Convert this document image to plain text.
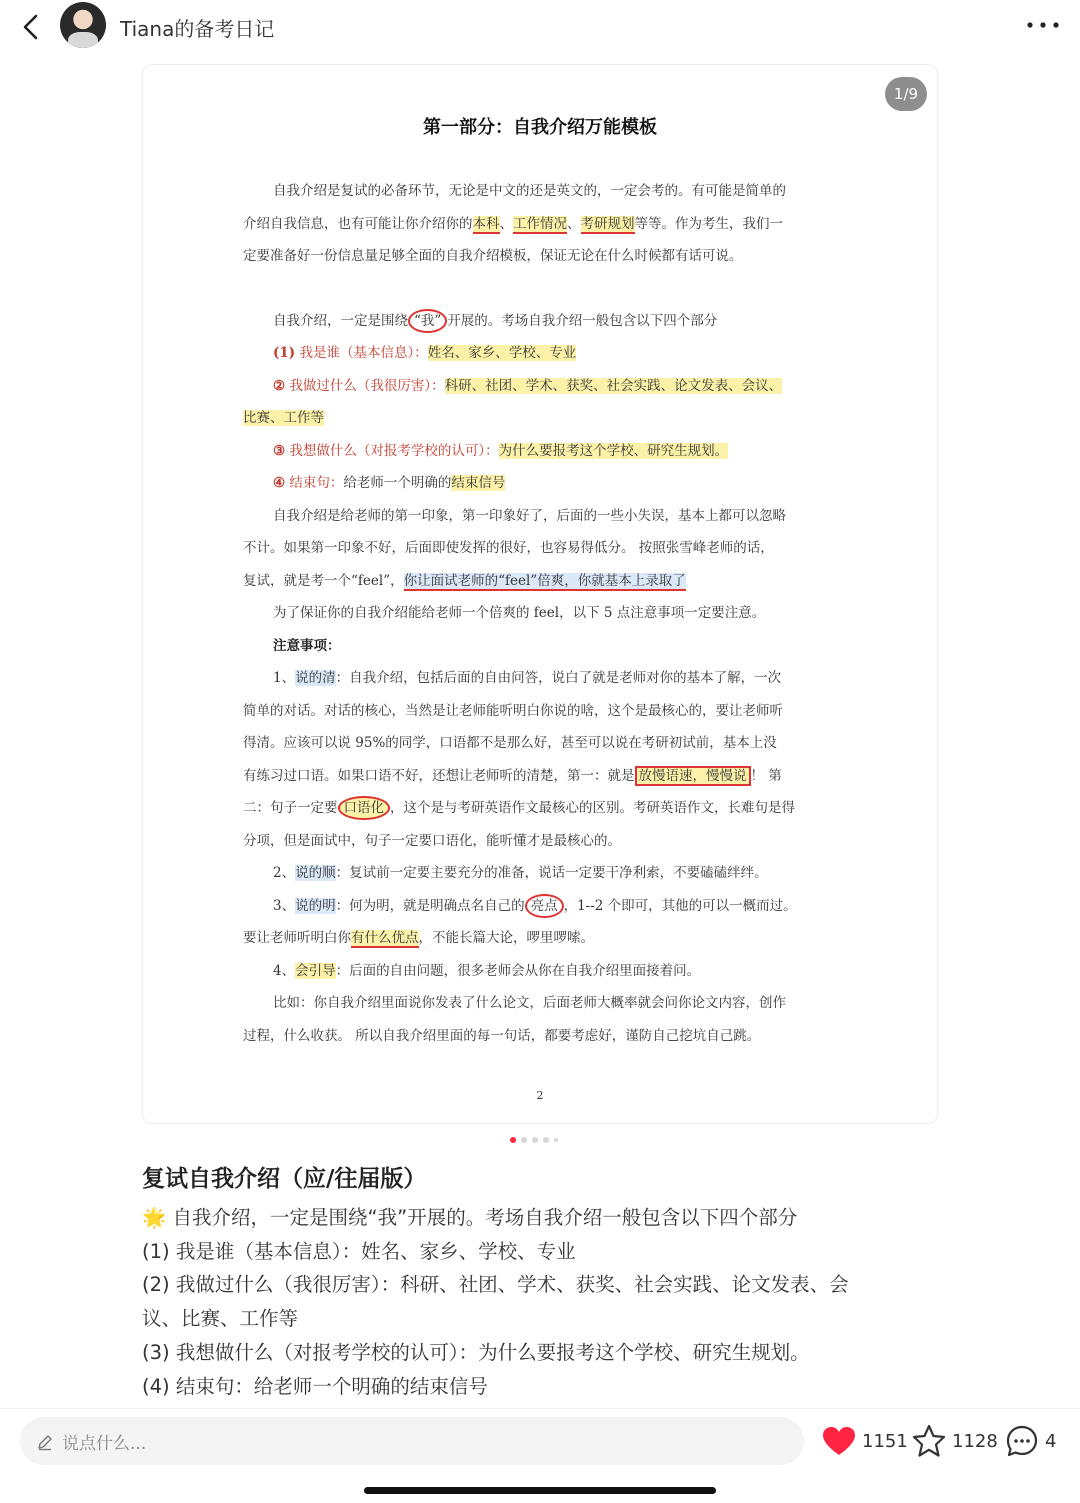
Tiana的备考日记
1/9
第一部分：自我介绍万能模板

自我介绍是复试的必备环节，无论是中文的还是英文的，一定会考的。有可能是简单的

介绍自我信息，也有可能让你介绍你的本科、工作情况、考研规划等等。作为考生，我们一

定要准备好一份信息量足够全面的自我介绍模板，保证无论在什么时候都有话可说。

自我介绍，一定是围绕 “我” 开展的。考场自我介绍一般包含以下四个部分

(1) 我是谁（基本信息）：姓名、家乡、学校、专业

② 我做过什么（我很厉害）：科研、社团、学术、获奖、社会实践、论文发表、会议、

比赛、工作等

③ 我想做什么（对报考学校的认可）：为什么要报考这个学校、研究生规划。

④ 结束句：给老师一个明确的结束信号

自我介绍是给老师的第一印象，第一印象好了，后面的一些小失误，基本上都可以忽略

不计。如果第一印象不好，后面即使发挥的很好，也容易得低分。 按照张雪峰老师的话，

复试，就是考一个“feel”，你让面试老师的“feel”倍爽，你就基本上录取了

为了保证你的自我介绍能给老师一个倍爽的 feel，以下 5 点注意事项一定要注意。

注意事项：

1、说的清：自我介绍，包括后面的自由问答，说白了就是老师对你的基本了解，一次

简单的对话。对话的核心，当然是让老师能听明白你说的啥，这个是最核心的，要让老师听

得清。应该可以说 95%的同学，口语都不是那么好，甚至可以说在考研初试前，基本上没

有练习过口语。如果口语不好，还想让老师听的清楚，第一：就是 放慢语速，慢慢说 ！ 第

二：句子一定要 口语化 ，这个是与考研英语作文最核心的区别。考研英语作文，长难句是得

分项，但是面试中，句子一定要口语化，能听懂才是最核心的。

2、说的顺：复试前一定要主要充分的准备，说话一定要干净利索，不要磕磕绊绊。

3、说的明：何为明，就是明确点名自己的 亮点 ，1--2 个即可，其他的可以一概而过。

要让老师听明白你有什么优点，不能长篇大论，啰里啰嗦。

4、会引导：后面的自由问题，很多老师会从你在自我介绍里面接着问。

比如：你自我介绍里面说你发表了什么论文，后面老师大概率就会问你论文内容，创作

过程，什么收获。 所以自我介绍里面的每一句话，都要考虑好，谨防自己挖坑自己跳。

2
复试自我介绍（应/往届版）
🌟 自我介绍，一定是围绕“我”开展的。考场自我介绍一般包含以下四个部分
(1) 我是谁（基本信息）：姓名、家乡、学校、专业
(2) 我做过什么（我很厉害）：科研、社团、学术、获奖、社会实践、论文发表、会
议、比赛、工作等
(3) 我想做什么（对报考学校的认可）：为什么要报考这个学校、研究生规划。
(4) 结束句：给老师一个明确的结束信号
说点什么...	1151 1128	4
